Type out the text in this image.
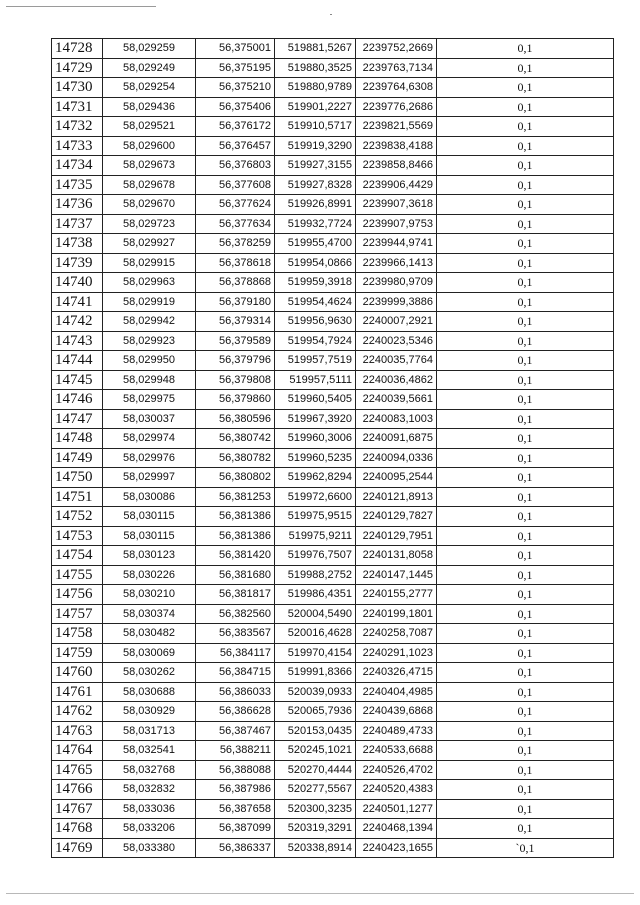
14728	58,029259	56,375001	519881,5267	2239752,2669	0,1
14729	58,029249	56,375195	519880,3525	2239763,7134	0,1
14730	58,029254	56,375210	519880,9789	2239764,6308	0,1
14731	58,029436	56,375406	519901,2227	2239776,2686	0,1
14732	58,029521	56,376172	519910,5717	2239821,5569	0,1
14733	58,029600	56,376457	519919,3290	2239838,4188	0,1
14734	58,029673	56,376803	519927,3155	2239858,8466	0,1
14735	58,029678	56,377608	519927,8328	2239906,4429	0,1
14736	58,029670	56,377624	519926,8991	2239907,3618	0,1
14737	58,029723	56,377634	519932,7724	2239907,9753	0,1
14738	58,029927	56,378259	519955,4700	2239944,9741	0,1
14739	58,029915	56,378618	519954,0866	2239966,1413	0,1
14740	58,029963	56,378868	519959,3918	2239980,9709	0,1
14741	58,029919	56,379180	519954,4624	2239999,3886	0,1
14742	58,029942	56,379314	519956,9630	2240007,2921	0,1
14743	58,029923	56,379589	519954,7924	2240023,5346	0,1
14744	58,029950	56,379796	519957,7519	2240035,7764	0,1
14745	58,029948	56,379808	519957,5111	2240036,4862	0,1
14746	58,029975	56,379860	519960,5405	2240039,5661	0,1
14747	58,030037	56,380596	519967,3920	2240083,1003	0,1
14748	58,029974	56,380742	519960,3006	2240091,6875	0,1
14749	58,029976	56,380782	519960,5235	2240094,0336	0,1
14750	58,029997	56,380802	519962,8294	2240095,2544	0,1
14751	58,030086	56,381253	519972,6600	2240121,8913	0,1
14752	58,030115	56,381386	519975,9515	2240129,7827	0,1
14753	58,030115	56,381386	519975,9211	2240129,7951	0,1
14754	58,030123	56,381420	519976,7507	2240131,8058	0,1
14755	58,030226	56,381680	519988,2752	2240147,1445	0,1
14756	58,030210	56,381817	519986,4351	2240155,2777	0,1
14757	58,030374	56,382560	520004,5490	2240199,1801	0,1
14758	58,030482	56,383567	520016,4628	2240258,7087	0,1
14759	58,030069	56,384117	519970,4154	2240291,1023	0,1
14760	58,030262	56,384715	519991,8366	2240326,4715	0,1
14761	58,030688	56,386033	520039,0933	2240404,4985	0,1
14762	58,030929	56,386628	520065,7936	2240439,6868	0,1
14763	58,031713	56,387467	520153,0435	2240489,4733	0,1
14764	58,032541	56,388211	520245,1021	2240533,6688	0,1
14765	58,032768	56,388088	520270,4444	2240526,4702	0,1
14766	58,032832	56,387986	520277,5567	2240520,4383	0,1
14767	58,033036	56,387658	520300,3235	2240501,1277	0,1
14768	58,033206	56,387099	520319,3291	2240468,1394	0,1
14769	58,033380	56,386337	520338,8914	2240423,1655	`0,1
